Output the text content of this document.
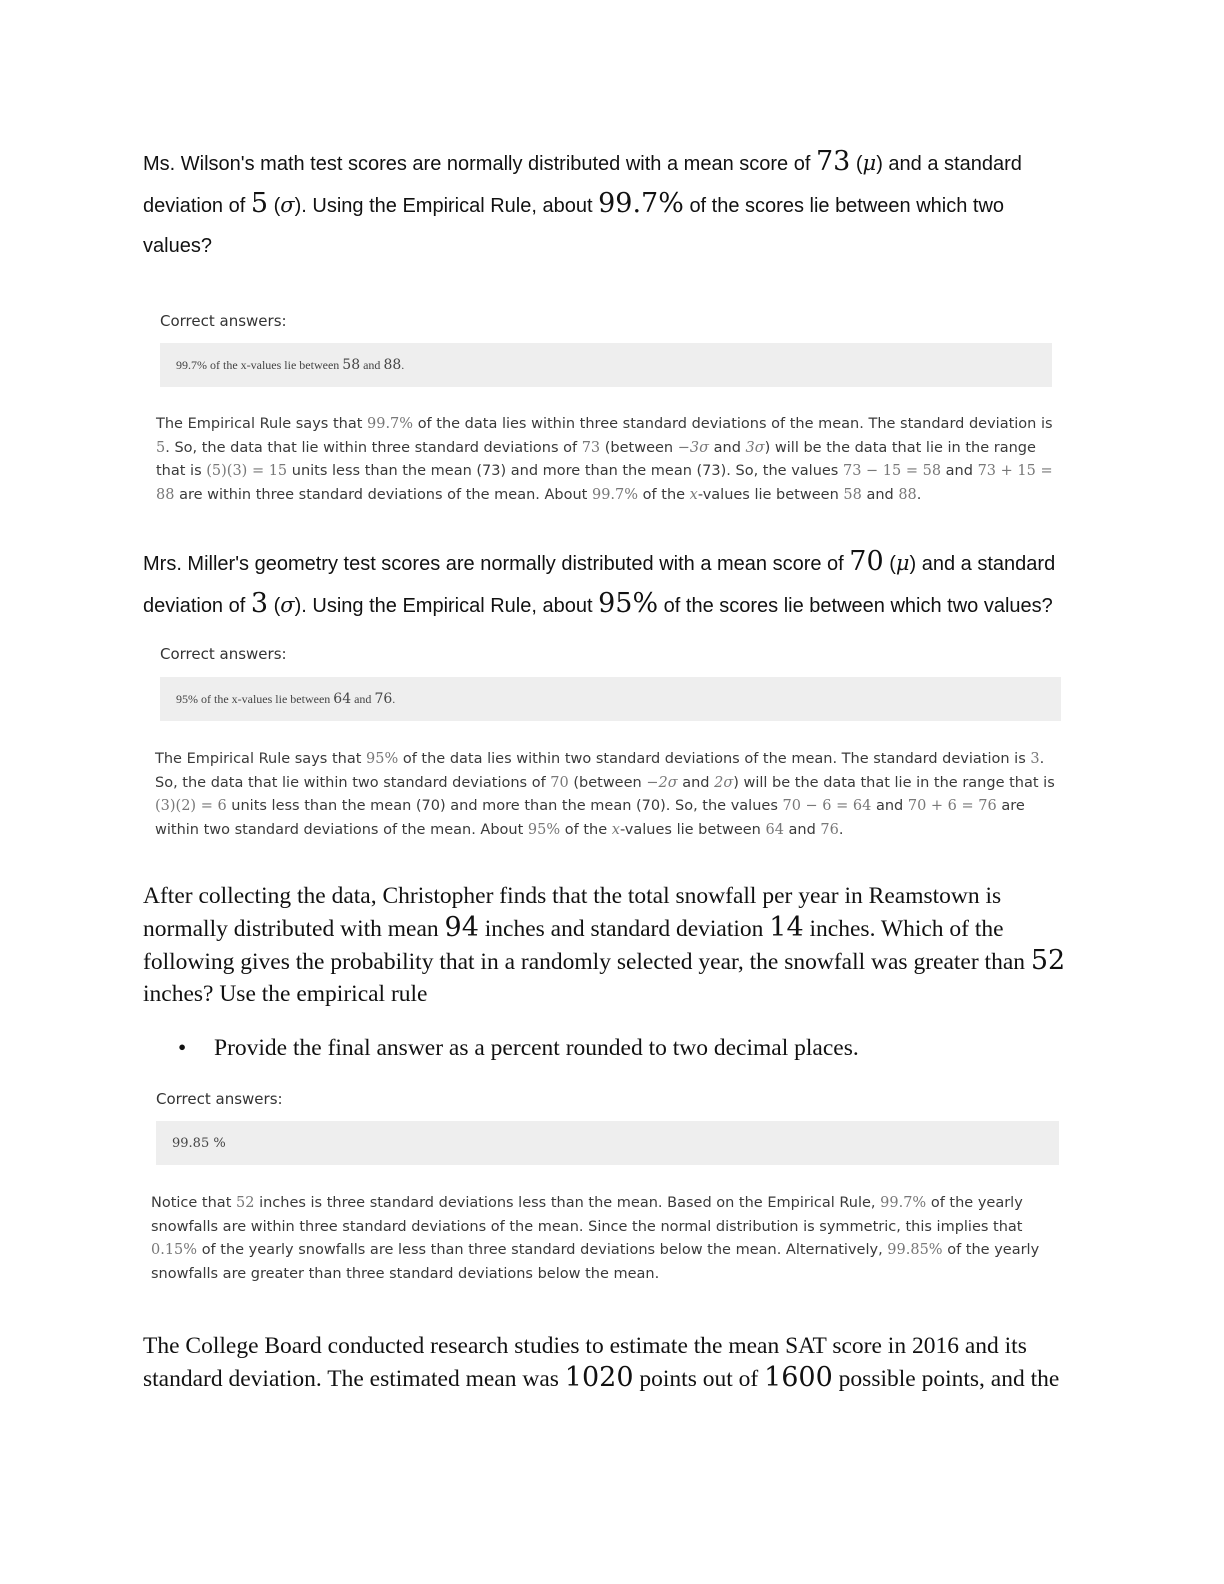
Ms. Wilson's math test scores are normally distributed with a mean score of 73 (μ) and a standard deviation of 5 (σ). Using the Empirical Rule, about 99.7% of the scores lie between which two values?
Correct answers:
99.7% of the x-values lie between 58 and 88.
The Empirical Rule says that 99.7% of the data lies within three standard deviations of the mean. The standard deviation is 5. So, the data that lie within three standard deviations of 73 (between −3σ and 3σ) will be the data that lie in the range that is (5)(3) = 15 units less than the mean (73) and more than the mean (73). So, the values 73 − 15 = 58 and 73 + 15 = 88 are within three standard deviations of the mean. About 99.7% of the x-values lie between 58 and 88.
Mrs. Miller's geometry test scores are normally distributed with a mean score of 70 (μ) and a standard deviation of 3 (σ). Using the Empirical Rule, about 95% of the scores lie between which two values?
Correct answers:
95% of the x-values lie between 64 and 76.
The Empirical Rule says that 95% of the data lies within two standard deviations of the mean. The standard deviation is 3. So, the data that lie within two standard deviations of 70 (between −2σ and 2σ) will be the data that lie in the range that is (3)(2) = 6 units less than the mean (70) and more than the mean (70). So, the values 70 − 6 = 64 and 70 + 6 = 76 are within two standard deviations of the mean. About 95% of the x-values lie between 64 and 76.
After collecting the data, Christopher finds that the total snowfall per year in Reamstown is normally distributed with mean 94 inches and standard deviation 14 inches. Which of the following gives the probability that in a randomly selected year, the snowfall was greater than 52 inches? Use the empirical rule
• Provide the final answer as a percent rounded to two decimal places.
Correct answers:
99.85 %
Notice that 52 inches is three standard deviations less than the mean. Based on the Empirical Rule, 99.7% of the yearly snowfalls are within three standard deviations of the mean. Since the normal distribution is symmetric, this implies that 0.15% of the yearly snowfalls are less than three standard deviations below the mean. Alternatively, 99.85% of the yearly snowfalls are greater than three standard deviations below the mean.
The College Board conducted research studies to estimate the mean SAT score in 2016 and its standard deviation. The estimated mean was 1020 points out of 1600 possible points, and the
